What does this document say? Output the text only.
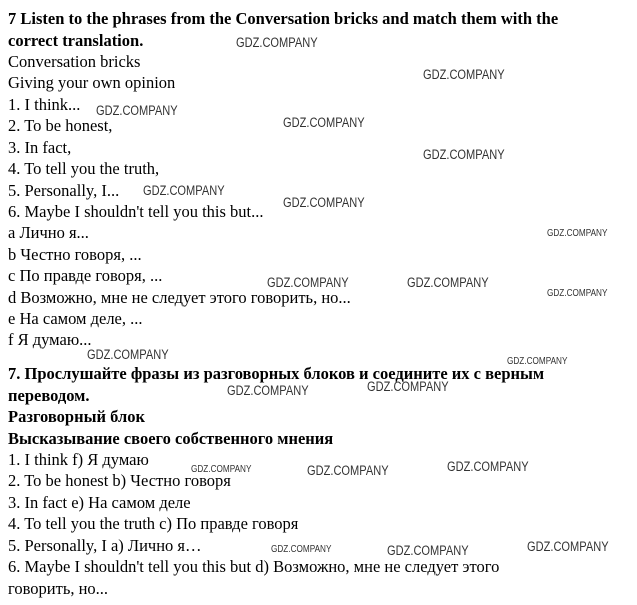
7 Listen to the phrases from the Conversation bricks and match them with the
correct translation.
Conversation bricks
Giving your own opinion
1. I think...
2. To be honest,
3. In fact,
4. To tell you the truth,
5. Personally, I...
6. Maybe I shouldn't tell you this but...
a Лично я...
b Честно говоря, ...
c По правде говоря, ...
d Возможно, мне не следует этого говорить, но...
e На самом деле, ...
f Я думаю...
7. Прослушайте фразы из разговорных блоков и соедините их с верным
переводом.
Разговорный блок
Высказывание своего собственного мнения
1. I think f) Я думаю
2. To be honest b) Честно говоря
3. In fact e) На самом деле
4. To tell you the truth c) По правде говоря
5. Personally, I a) Лично я…
6. Maybe I shouldn't tell you this but d) Возможно, мне не следует этого
говорить, но...
GDZ.COMPANY
GDZ.COMPANY
GDZ.COMPANY
GDZ.COMPANY
GDZ.COMPANY
GDZ.COMPANY
GDZ.COMPANY
GDZ.COMPANY
GDZ.COMPANY	GDZ.COMPANY
GDZ.COMPANY
GDZ.COMPANY	GDZ.COMPANY
GDZ.COMPANY	GDZ.COMPANY
GDZ.COMPANY	GDZ.COMPANY	GDZ.COMPANY
GDZ.COMPANY	GDZ.COMPANY	GDZ.COMPANY
